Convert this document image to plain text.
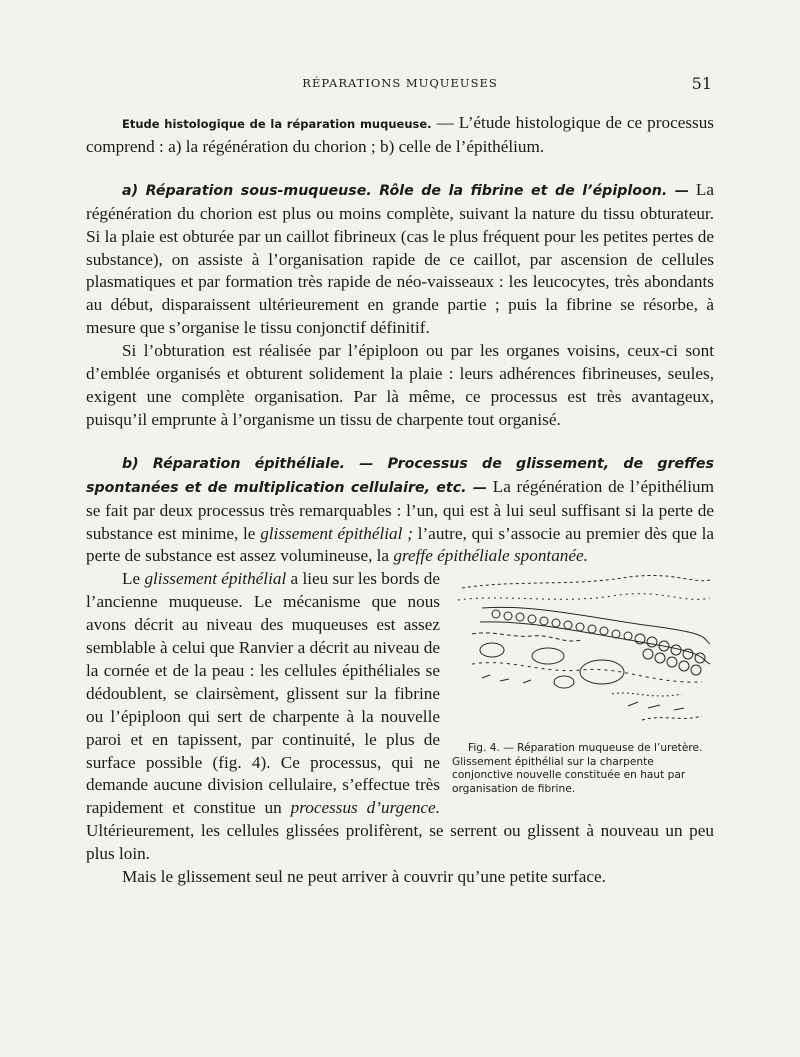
RÉPARATIONS MUQUEUSES	51

Etude histologique de la réparation muqueuse. — L’étude histologique de ce processus comprend : a) la régénération du chorion ; b) celle de l’épithélium.

a) Réparation sous-muqueuse. Rôle de la fibrine et de l’épiploon. — La régénération du chorion est plus ou moins complète, suivant la nature du tissu obturateur. Si la plaie est obturée par un caillot fibrineux (cas le plus fréquent pour les petites pertes de substance), on assiste à l’organisation rapide de ce caillot, par ascension de cellules plasmatiques et par formation très rapide de néo-vaisseaux : les leucocytes, très abondants au début, disparaissent ultérieurement en grande partie ; puis la fibrine se résorbe, à mesure que s’organise le tissu conjonctif définitif.

Si l’obturation est réalisée par l’épiploon ou par les organes voisins, ceux-ci sont d’emblée organisés et obturent solidement la plaie : leurs adhérences fibrineuses, seules, exigent une complète organisation. Par là même, ce processus est très avantageux, puisqu’il emprunte à l’organisme un tissu de charpente tout organisé.

b) Réparation épithéliale. — Processus de glissement, de greffes spontanées et de multiplication cellulaire, etc. — La régénération de l’épithélium se fait par deux processus très remarquables : l’un, qui est à lui seul suffisant si la perte de substance est minime, le glissement épithélial ; l’autre, qui s’associe au premier dès que la perte de substance est assez volumineuse, la greffe épithéliale spontanée.

Fig. 4. — Réparation muqueuse de l’uretère. Glissement épithélial sur la charpente conjonctive nouvelle constituée en haut par organisation de fibrine.

Le glissement épithélial a lieu sur les bords de l’ancienne muqueuse. Le mécanisme que nous avons décrit au niveau des muqueuses est assez semblable à celui que Ranvier a décrit au niveau de la cornée et de la peau : les cellules épithéliales se dédoublent, se clairsèment, glissent sur la fibrine ou l’épiploon qui sert de charpente à la nouvelle paroi et en tapissent, par continuité, le plus de surface possible (fig. 4). Ce processus, qui ne demande aucune division cellulaire, s’effectue très rapidement et constitue un processus d’urgence. Ultérieurement, les cellules glissées prolifèrent, se serrent ou glissent à nouveau un peu plus loin.

Mais le glissement seul ne peut arriver à couvrir qu’une petite surface.
